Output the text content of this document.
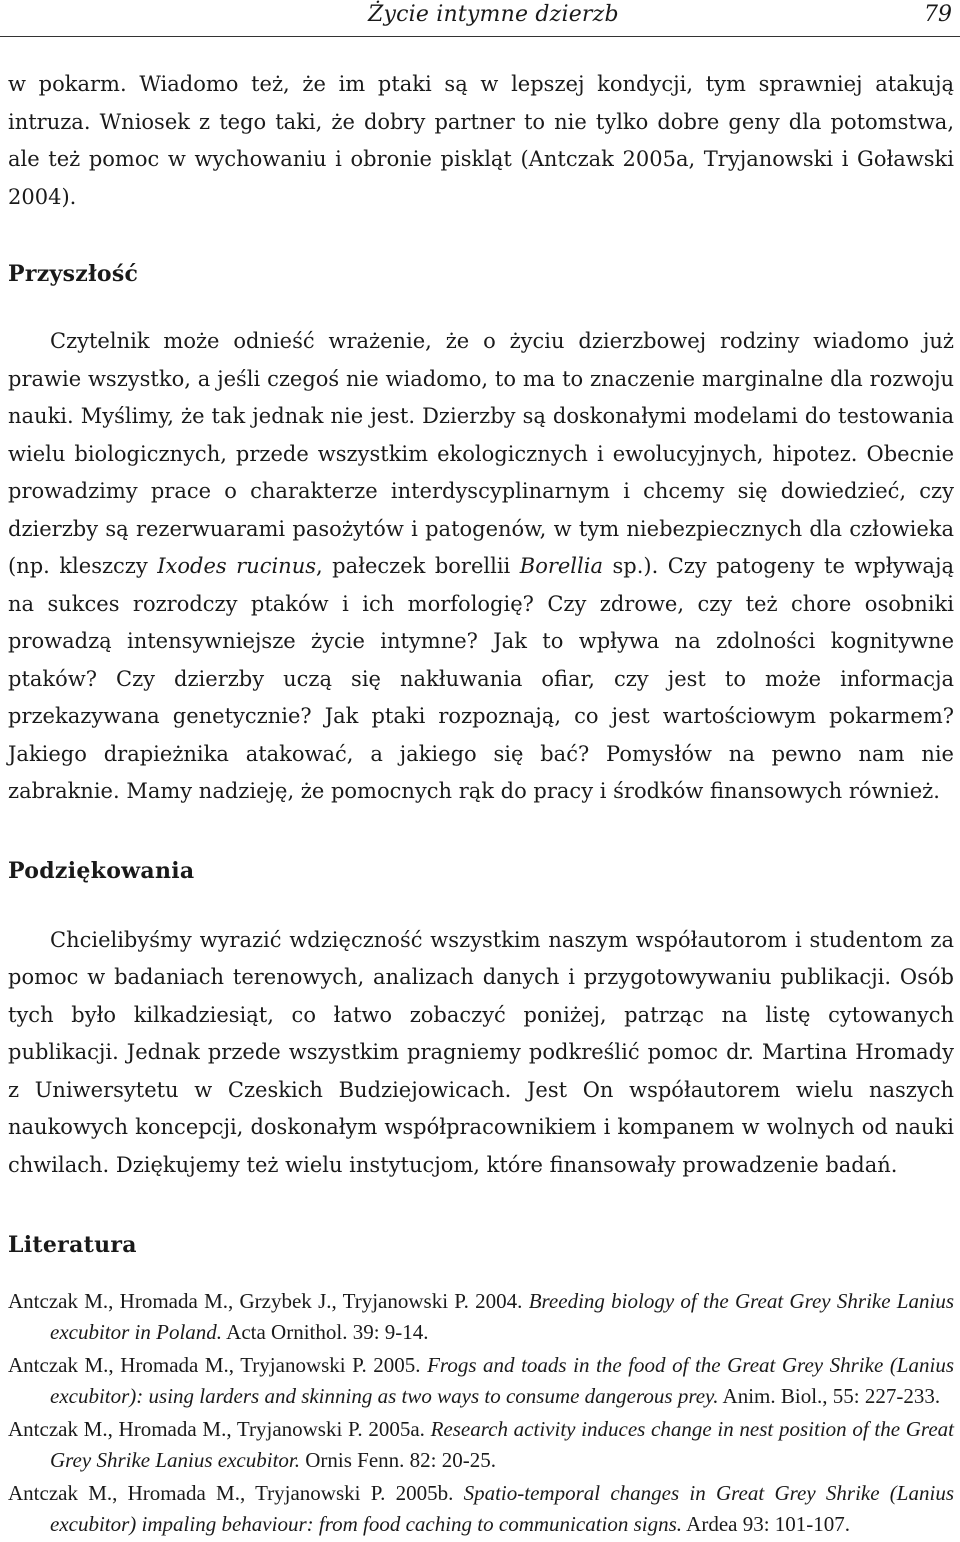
Życie intymne dzierzb	79

w pokarm. Wiadomo też, że im ptaki są w lepszej kondycji, tym sprawniej atakują intruza. Wniosek z tego taki, że dobry partner to nie tylko dobre geny dla potomstwa, ale też pomoc w wychowaniu i obronie piskląt (Antczak 2005a, Tryjanowski i Goławski 2004).

Przyszłość

Czytelnik może odnieść wrażenie, że o życiu dzierzbowej rodziny wiadomo już prawie wszystko, a jeśli czegoś nie wiadomo, to ma to znaczenie marginalne dla rozwoju nauki. Myślimy, że tak jednak nie jest. Dzierzby są doskonałymi modelami do testowania wielu biologicznych, przede wszystkim ekologicznych i ewolucyjnych, hipotez. Obecnie prowadzimy prace o charakterze interdyscyplinarnym i chcemy się dowiedzieć, czy dzierzby są rezerwuarami pasożytów i patogenów, w tym niebezpiecznych dla człowieka (np. kleszczy Ixodes rucinus, pałeczek borellii Borellia sp.). Czy patogeny te wpływają na sukces rozrodczy ptaków i ich morfologię? Czy zdrowe, czy też chore osobniki prowadzą intensywniejsze życie intymne? Jak to wpływa na zdolności kognitywne ptaków? Czy dzierzby uczą się nakłuwania ofiar, czy jest to może informacja przekazywana genetycznie? Jak ptaki rozpoznają, co jest wartościowym pokarmem? Jakiego drapieżnika atakować, a jakiego się bać? Pomysłów na pewno nam nie zabraknie. Mamy nadzieję, że pomocnych rąk do pracy i środków finansowych również.

Podziękowania

Chcielibyśmy wyrazić wdzięczność wszystkim naszym współautorom i studentom za pomoc w badaniach terenowych, analizach danych i przygotowywaniu publikacji. Osób tych było kilkadziesiąt, co łatwo zobaczyć poniżej, patrząc na listę cytowanych publikacji. Jednak przede wszystkim pragniemy podkreślić pomoc dr. Martina Hromady z Uniwersytetu w Czeskich Budziejowicach. Jest On współautorem wielu naszych naukowych koncepcji, doskonałym współpracownikiem i kompanem w wolnych od nauki chwilach. Dziękujemy też wielu instytucjom, które finansowały prowadzenie badań.

Literatura

Antczak M., Hromada M., Grzybek J., Tryjanowski P. 2004. Breeding biology of the Great Grey Shrike Lanius excubitor in Poland. Acta Ornithol. 39: 9-14.

Antczak M., Hromada M., Tryjanowski P. 2005. Frogs and toads in the food of the Great Grey Shrike (Lanius excubitor): using larders and skinning as two ways to consume dangerous prey. Anim. Biol., 55: 227-233.

Antczak M., Hromada M., Tryjanowski P. 2005a. Research activity induces change in nest position of the Great Grey Shrike Lanius excubitor. Ornis Fenn. 82: 20-25.

Antczak M., Hromada M., Tryjanowski P. 2005b. Spatio-temporal changes in Great Grey Shrike (Lanius excubitor) impaling behaviour: from food caching to communication signs. Ardea 93: 101-107.
